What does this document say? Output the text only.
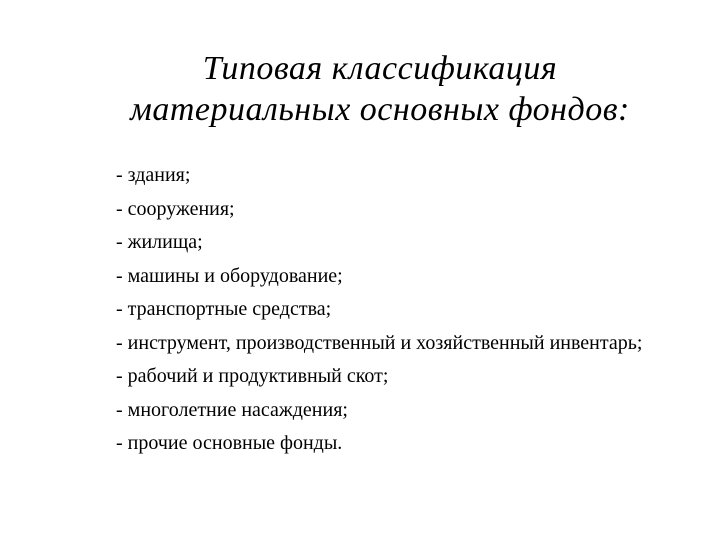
Типовая классификация
материальных основных фондов:
- здания;
- сооружения;
- жилища;
- машины и оборудование;
- транспортные средства;
- инструмент, производственный и хозяйственный инвентарь;
- рабочий и продуктивный скот;
- многолетние насаждения;
- прочие основные фонды.
